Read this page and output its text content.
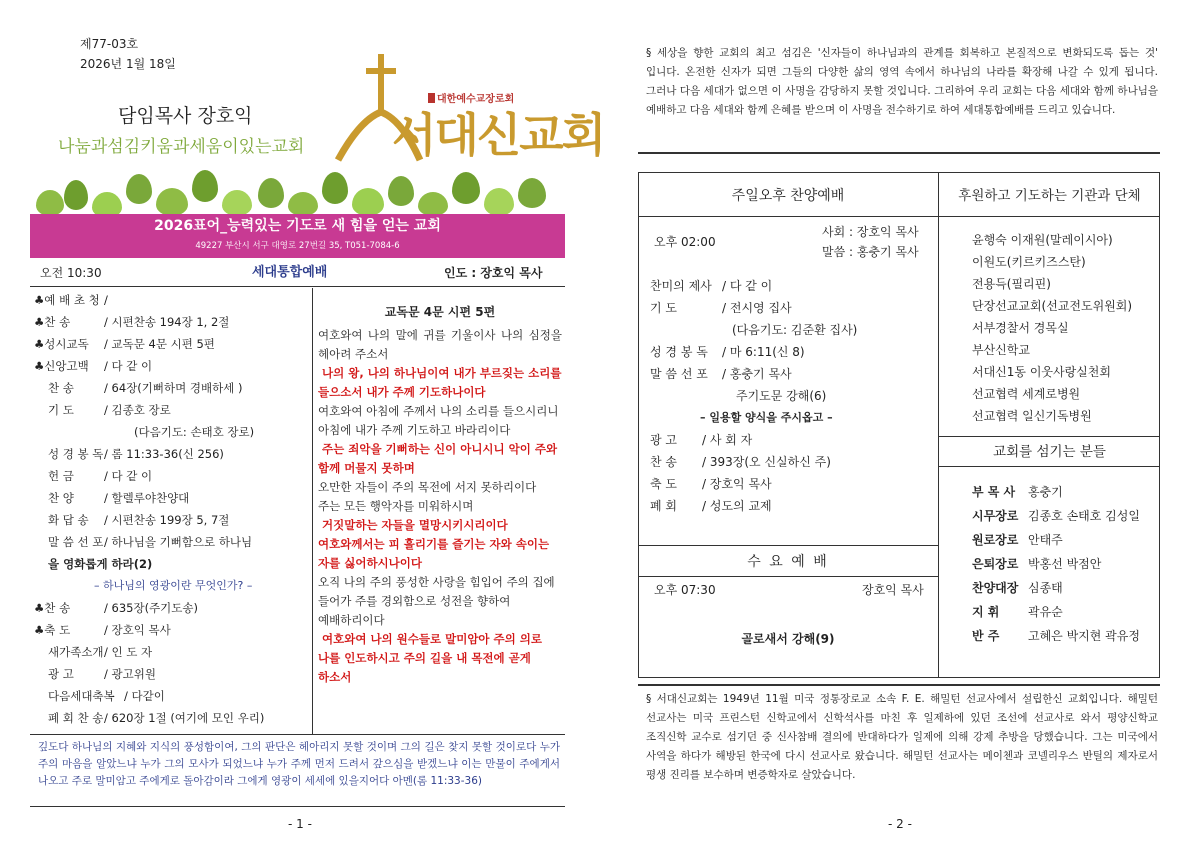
제77-03호
2026년 1월 18일
담임목사 장호익
나눔과섬김키움과세움이있는교회
대한예수교장로회
서대신교회
2026표어_능력있는 기도로 새 힘을 얻는 교회
49227 부산시 서구 대영로 27번길 35, T051-7084-6
오전 10:30	세대통합예배	인도 : 장호익 목사
♣예 배 초 청 /
♣찬 송	/ 시편찬송 194장 1, 2절
♣성시교독 / 교독문 4문 시편 5편
♣신앙고백 / 다 같 이
찬 송	/ 64장(기뻐하며 경배하세 )
기 도	/ 김종호 장로
(다음기도: 손태호 장로)
성 경 봉 독 / 롬 11:33-36(신 256)
헌 금	/ 다 같 이
찬 양	/ 할렐루야찬양대
화 답 송 / 시편찬송 199장 5, 7절
말 씀 선 포 / 하나님을 기뻐함으로 하나님
을 영화롭게 하라(2)
– 하나님의 영광이란 무엇인가? –
♣찬 송	/ 635장(주기도송)
♣축 도	/ 장호익 목사
새가족소개 / 인 도 자
광 고	/ 광고위원
다음세대축복 / 다같이
폐 회 찬 송 / 620장 1절 (여기에 모인 우리)
교독문 4문 시편 5편
여호와여 나의 말에 귀를 기울이사 나의 심정을 헤아려 주소서
나의 왕, 나의 하나님이여 내가 부르짖는 소리를 들으소서 내가 주께 기도하나이다
여호와여 아침에 주께서 나의 소리를 들으시리니 아침에 내가 주께 기도하고 바라리이다
주는 죄악을 기뻐하는 신이 아니시니 악이 주와 함께 머물지 못하며
오만한 자들이 주의 목전에 서지 못하리이다 주는 모든 행악자를 미워하시며
거짓말하는 자들을 멸망시키시리이다 여호와께서는 피 흘리기를 즐기는 자와 속이는 자를 싫어하시나이다
오직 나의 주의 풍성한 사랑을 힘입어 주의 집에 들어가 주를 경외함으로 성전을 향하여 예배하리이다
여호와여 나의 원수들로 말미암아 주의 의로 나를 인도하시고 주의 길을 내 목전에 곧게 하소서
깊도다 하나님의 지혜와 지식의 풍성함이여, 그의 판단은 헤아리지 못할 것이며 그의 길은 찾지 못할 것이로다 누가 주의 마음을 알았느냐 누가 그의 모사가 되었느냐 누가 주께 먼저 드려서 갚으심을 받겠느냐 이는 만물이 주에게서 나오고 주로 말미암고 주에게로 돌아감이라 그에게 영광이 세세에 있을지어다 아멘(롬 11:33-36)
- 1 -
§ 세상을 향한 교회의 최고 섬김은 '신자들이 하나님과의 관계를 회복하고 본질적으로 변화되도록 돕는 것' 입니다. 온전한 신자가 되면 그들의 다양한 삶의 영역 속에서 하나님의 나라를 확장해 나갈 수 있게 됩니다. 그러나 다음 세대가 없으면 이 사명을 감당하지 못할 것입니다. 그리하여 우리 교회는 다음 세대와 함께 하나님을 예배하고 다음 세대와 함께 은혜를 받으며 이 사명을 전수하기로 하여 세대통합예배를 드리고 있습니다.
주일오후 찬양예배
오후 02:00
사회 : 장호익 목사
말씀 : 홍충기 목사
찬미의 제사 / 다 같 이
기 도	/ 전시영 집사
(다음기도: 김준환 집사)
성 경 봉 독 / 마 6:11(신 8)
말 씀 선 포 / 홍충기 목사
주기도문 강해(6)
– 일용할 양식을 주시옵고 –
광 고 / 사 회 자
찬 송 / 393장(오 신실하신 주)
축 도 / 장호익 목사
폐 회 / 성도의 교제
수 요 예 배
오후 07:30	장호익 목사
골로새서 강해(9)
후원하고 기도하는 기관과 단체
윤행숙 이재원(말레이시아)
이원도(키르키즈스탄)
전용득(필리핀)
단장선교교회(선교전도위원회)
서부경찰서 경목실
부산신학교
서대신1동 이웃사랑실천회
선교협력 세계로병원
선교협력 일신기독병원
교회를 섬기는 분들
부 목 사 홍충기
시무장로 김종호 손태호 김성일
원로장로 안태주
은퇴장로 박홍선 박점안
찬양대장 심종태
지 휘 곽유순
반 주 고혜은 박지현 곽유정
§ 서대신교회는 1949년 11월 미국 정통장로교 소속 F. E. 해밀턴 선교사에서 설립한신 교회입니다. 해밀턴 선교사는 미국 프린스턴 신학교에서 신학석사를 마친 후 일제하에 있던 조선에 선교사로 와서 평양신학교 조직신학 교수로 섬기던 중 신사참배 결의에 반대하다가 일제에 의해 강제 추방을 당했습니다. 그는 미국에서 사역을 하다가 해방된 한국에 다시 선교사로 왔습니다. 해밀턴 선교사는 메이첸과 코넬리우스 반틸의 제자로서 평생 진리를 보수하며 변증학자로 살았습니다.
- 2 -
